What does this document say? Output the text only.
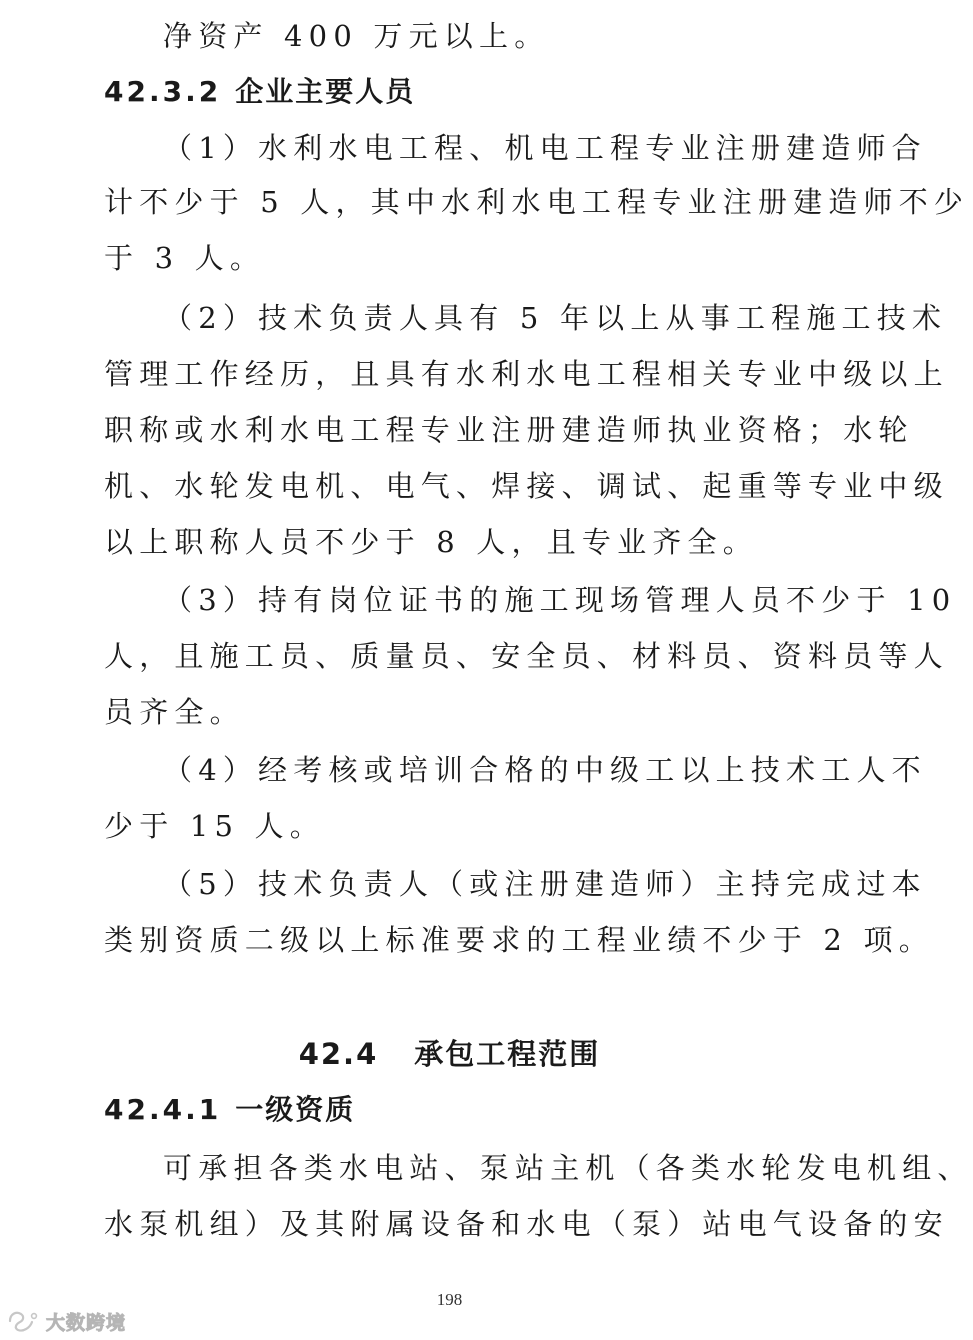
净资产 400 万元以上。
42.3.2 企业主要人员
（1）水利水电工程、机电工程专业注册建造师合
计不少于 5 人，其中水利水电工程专业注册建造师不少
于 3 人。
（2）技术负责人具有 5 年以上从事工程施工技术
管理工作经历，且具有水利水电工程相关专业中级以上
职称或水利水电工程专业注册建造师执业资格；水轮
机、水轮发电机、电气、焊接、调试、起重等专业中级
以上职称人员不少于 8 人，且专业齐全。
（3）持有岗位证书的施工现场管理人员不少于 10
人，且施工员、质量员、安全员、材料员、资料员等人
员齐全。
（4）经考核或培训合格的中级工以上技术工人不
少于 15 人。
（5）技术负责人（或注册建造师）主持完成过本
类别资质二级以上标准要求的工程业绩不少于 2 项。
42.4 承包工程范围
42.4.1 一级资质
可承担各类水电站、泵站主机（各类水轮发电机组、
水泵机组）及其附属设备和水电（泵）站电气设备的安
198
大数跨境
